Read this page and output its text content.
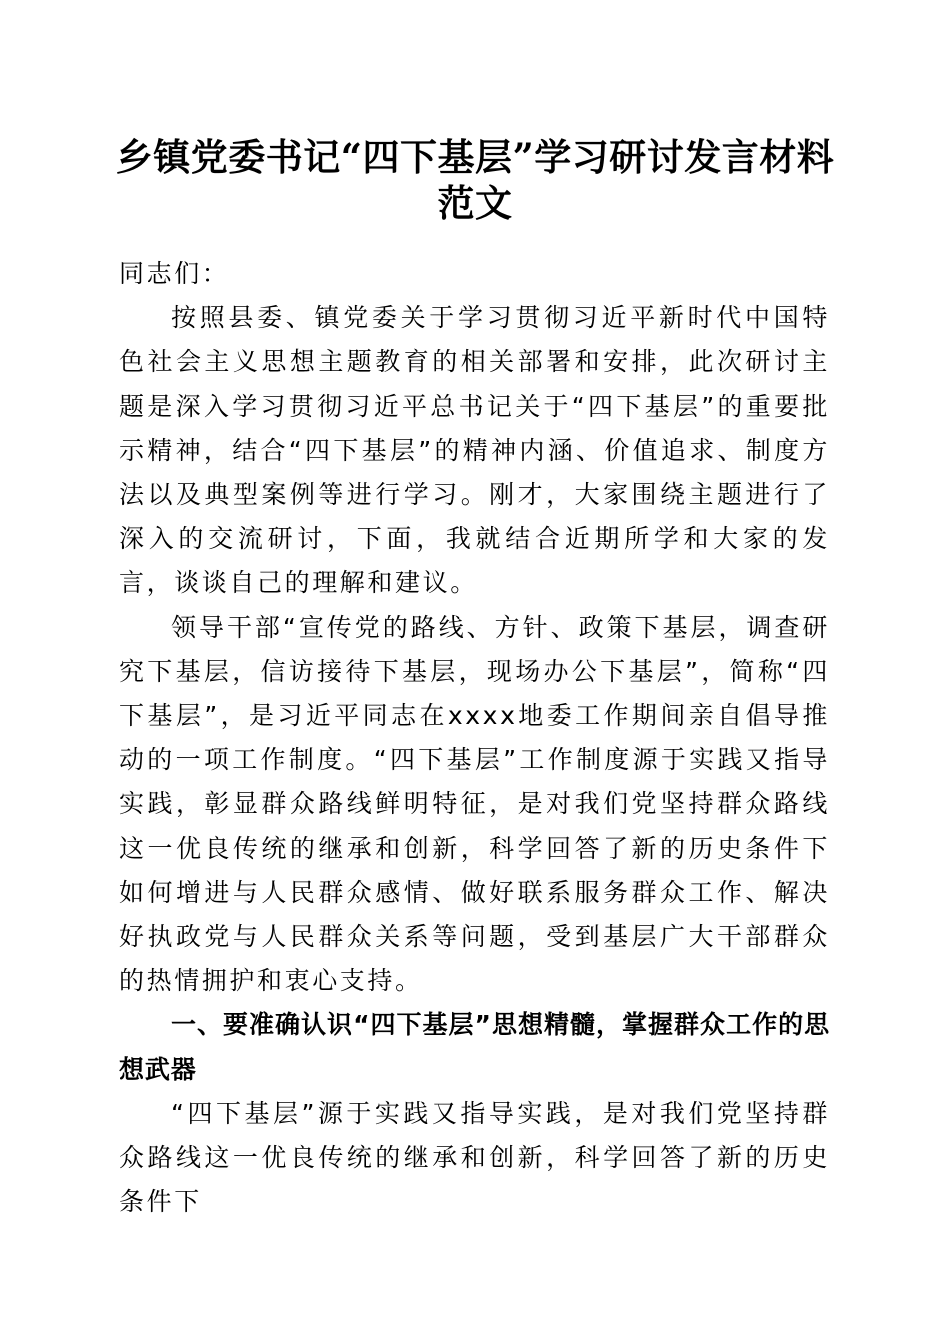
乡镇党委书记“四下基层”学习研讨发言材料范文

同志们：

按照县委、镇党委关于学习贯彻习近平新时代中国特色社会主义思想主题教育的相关部署和安排，此次研讨主题是深入学习贯彻习近平总书记关于“四下基层”的重要批示精神，结合“四下基层”的精神内涵、价值追求、制度方法以及典型案例等进行学习。刚才，大家围绕主题进行了深入的交流研讨，下面，我就结合近期所学和大家的发言，谈谈自己的理解和建议。

领导干部“宣传党的路线、方针、政策下基层，调查研究下基层，信访接待下基层，现场办公下基层”，简称“四下基层”，是习近平同志在xxxx地委工作期间亲自倡导推动的一项工作制度。“四下基层”工作制度源于实践又指导实践，彰显群众路线鲜明特征，是对我们党坚持群众路线这一优良传统的继承和创新，科学回答了新的历史条件下如何增进与人民群众感情、做好联系服务群众工作、解决好执政党与人民群众关系等问题，受到基层广大干部群众的热情拥护和衷心支持。

一、要准确认识“四下基层”思想精髓，掌握群众工作的思想武器

“四下基层”源于实践又指导实践，是对我们党坚持群众路线这一优良传统的继承和创新，科学回答了新的历史条件下
